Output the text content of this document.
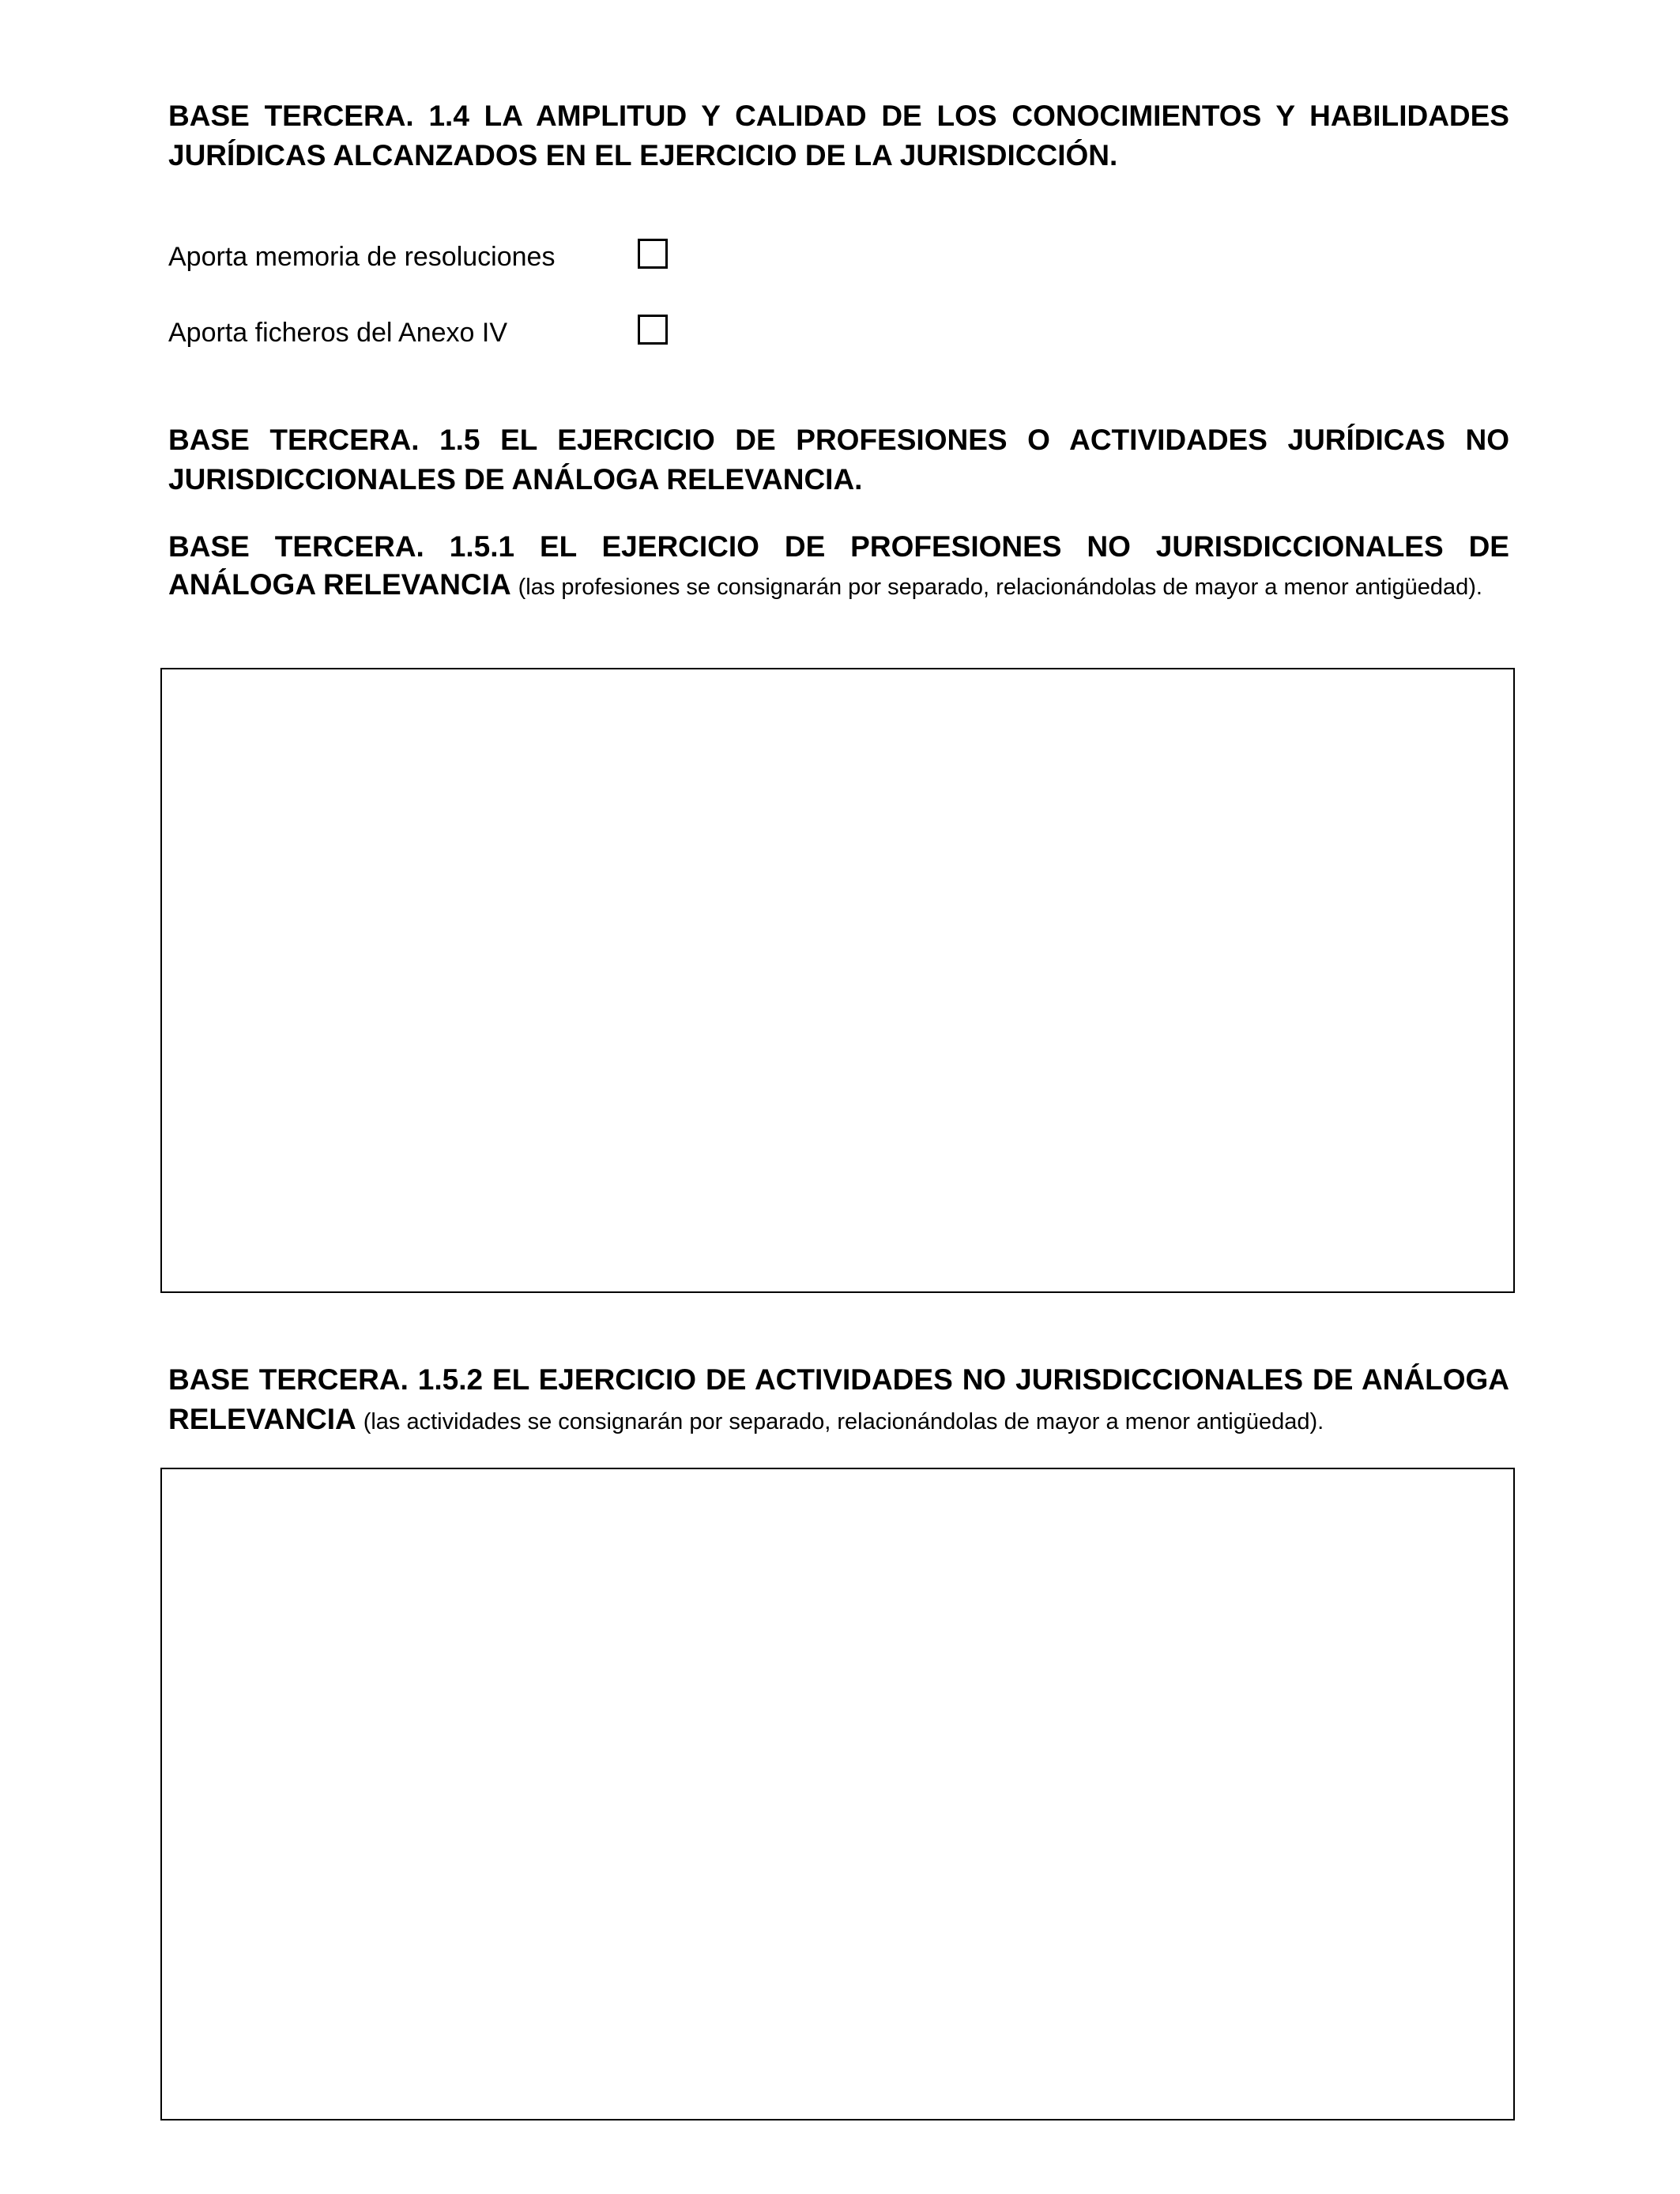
BASE TERCERA. 1.4 LA AMPLITUD Y CALIDAD DE LOS CONOCIMIENTOS Y HABILIDADES JURÍDICAS ALCANZADOS EN EL EJERCICIO DE LA JURISDICCIÓN.

Aporta memoria de resoluciones
Aporta ficheros del Anexo IV

BASE TERCERA. 1.5 EL EJERCICIO DE PROFESIONES O ACTIVIDADES JURÍDICAS NO JURISDICCIONALES DE ANÁLOGA RELEVANCIA.

BASE TERCERA. 1.5.1 EL EJERCICIO DE PROFESIONES NO JURISDICCIONALES DE ANÁLOGA RELEVANCIA (las profesiones se consignarán por separado, relacionándolas de mayor a menor antigüedad).

BASE TERCERA. 1.5.2 EL EJERCICIO DE ACTIVIDADES NO JURISDICCIONALES DE ANÁLOGA RELEVANCIA (las actividades se consignarán por separado, relacionándolas de mayor a menor antigüedad).
